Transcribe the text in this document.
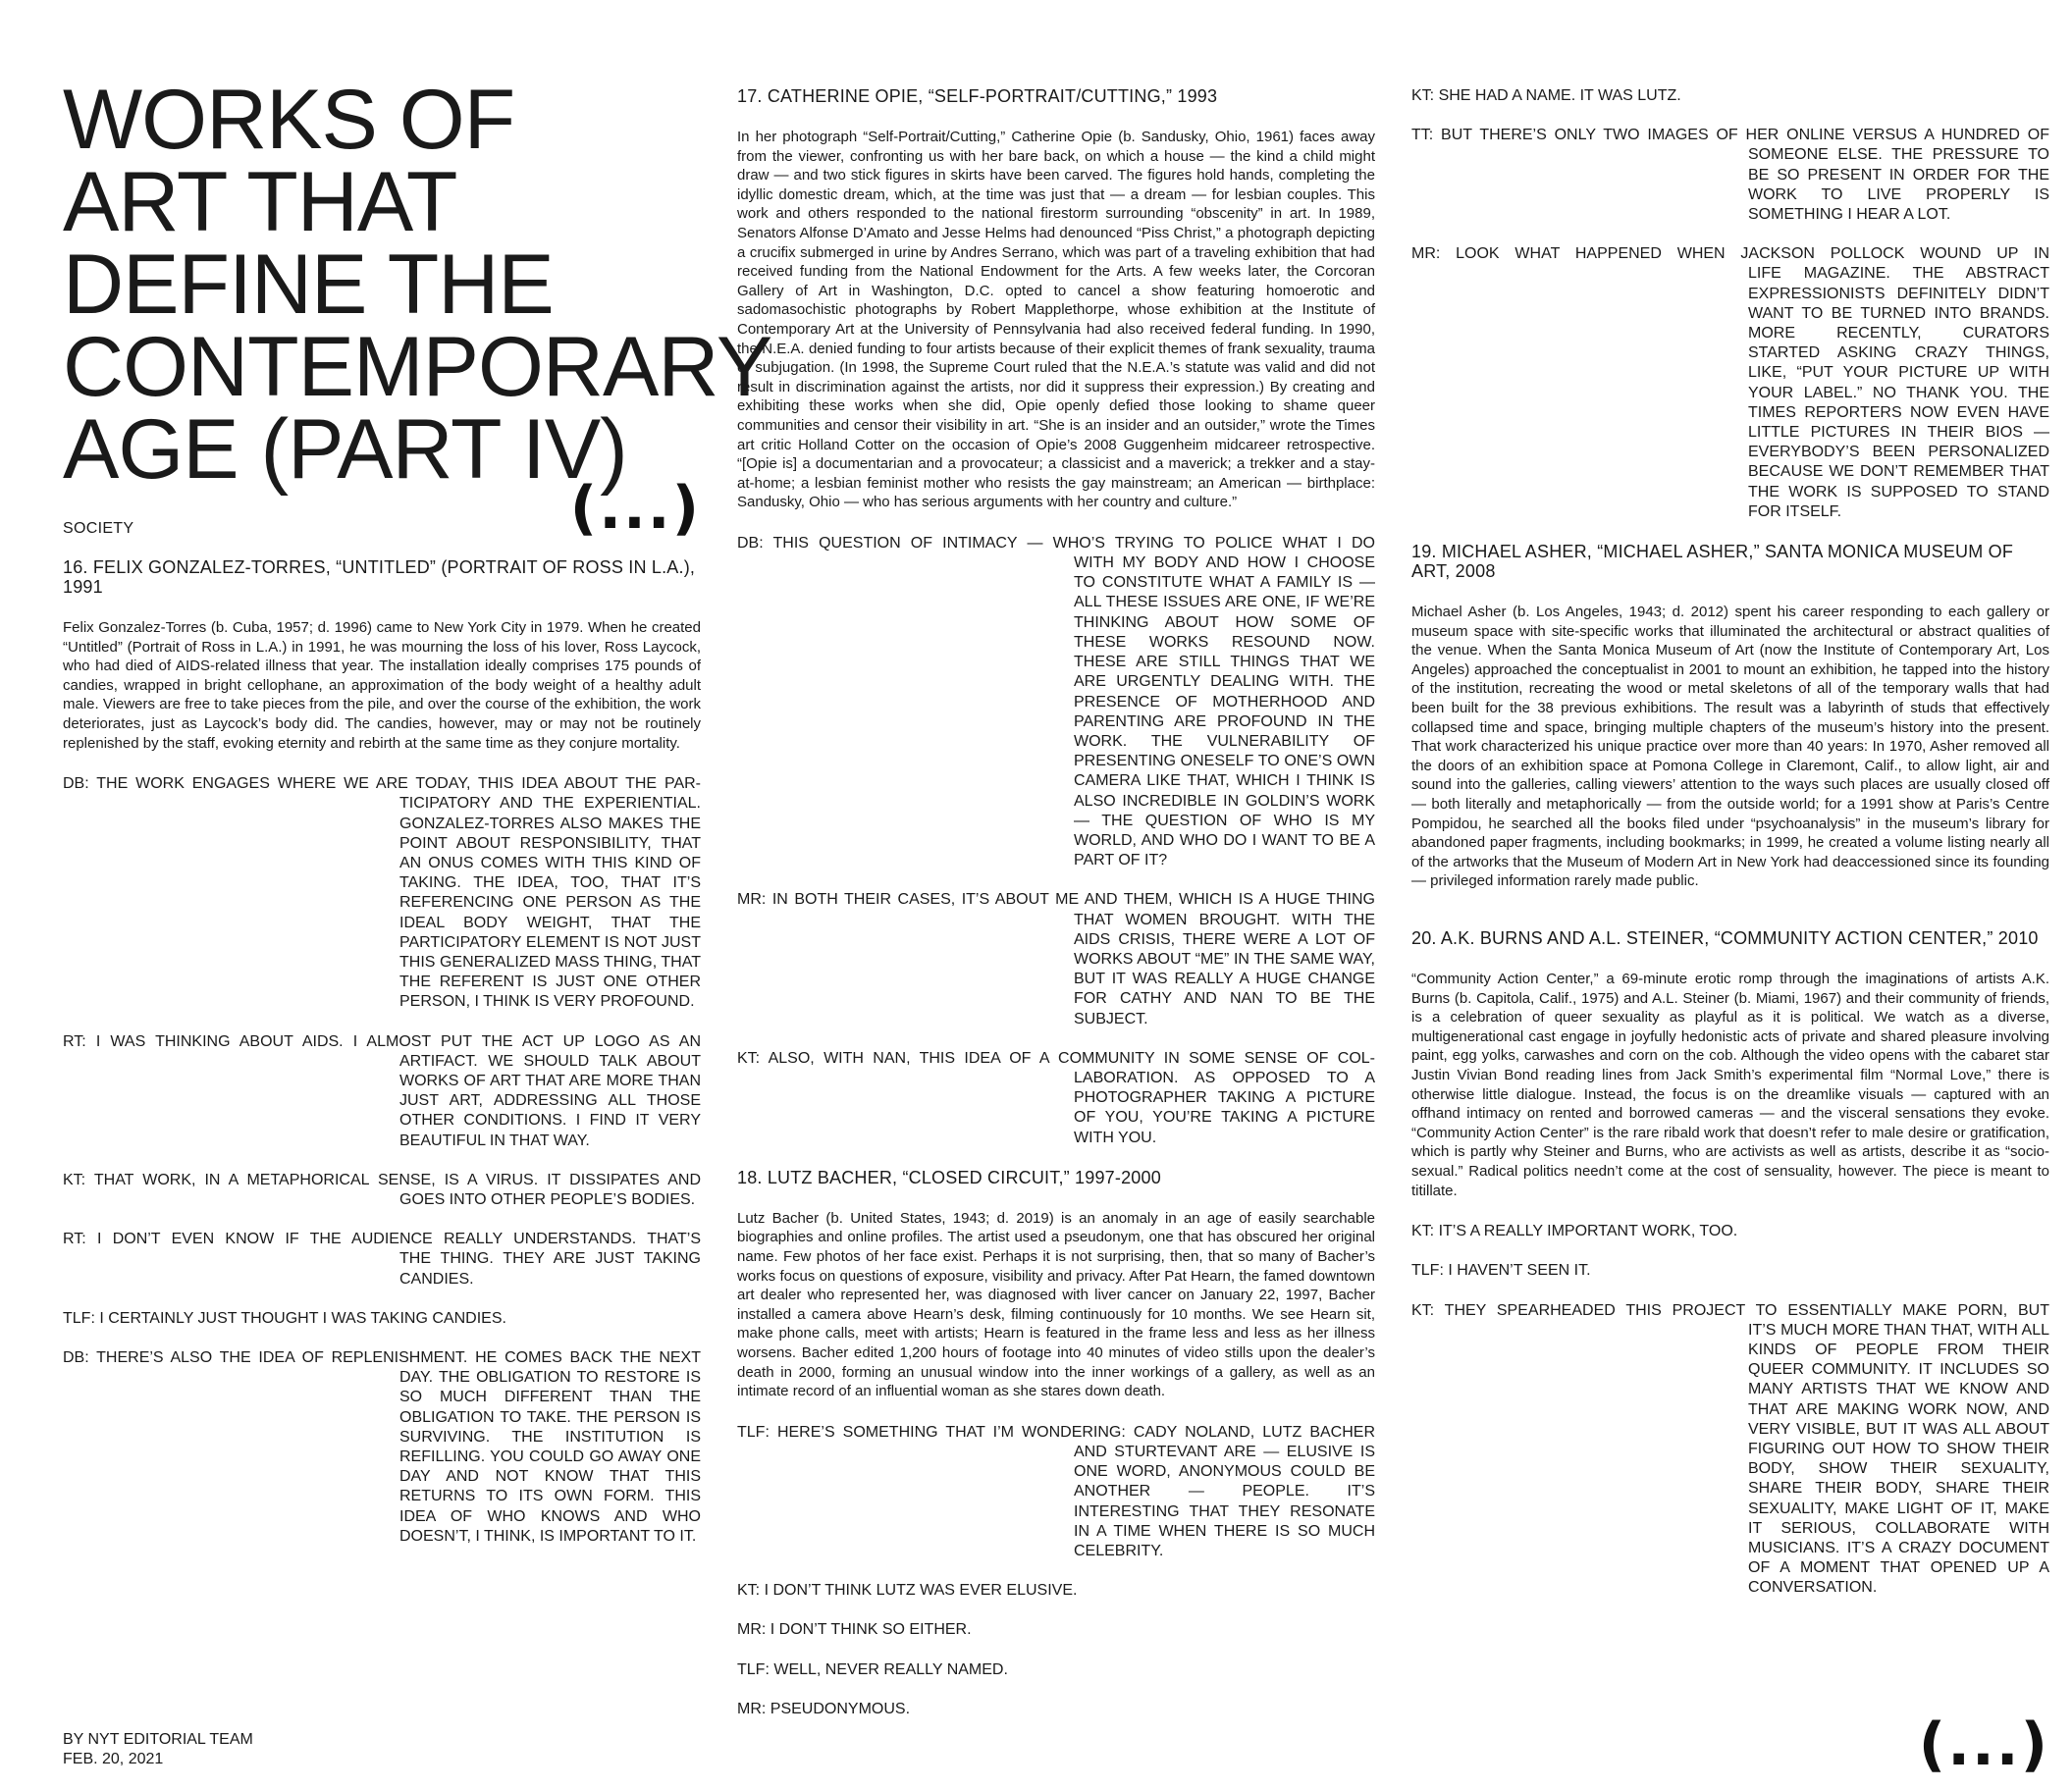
WORKS OF
ART THAT
DEFINE THE
CONTEMPORARY
AGE (PART IV)
(...)
SOCIETY
16. FELIX GONZALEZ-TORRES, “UNTITLED” (PORTRAIT OF ROSS IN L.A.), 1991

Felix Gonzalez-Torres (b. Cuba, 1957; d. 1996) came to New York City in 1979. When he created “Untitled” (Portrait of Ross in L.A.) in 1991, he was mourning the loss of his lover, Ross Laycock, who had died of AIDS-related illness that year. The installation ideally comprises 175 pounds of candies, wrapped in bright cellophane, an approximation of the body weight of a healthy adult male. Viewers are free to take pieces from the pile, and over the course of the exhibition, the work deteriorates, just as Laycock’s body did. The candies, however, may or may not be routinely replenished by the staff, evoking eternity and rebirth at the same time as they conjure mortality.

DB: THE WORK ENGAGES WHERE WE ARE TODAY, THIS IDEA ABOUT THE PAR-
TICIPATORY AND THE EXPERIENTIAL. GONZALEZ-TORRES ALSO MAKES THE POINT ABOUT RESPONSIBILITY, THAT AN ONUS COMES WITH THIS KIND OF TAKING. THE IDEA, TOO, THAT IT’S REFERENCING ONE PERSON AS THE IDEAL BODY WEIGHT, THAT THE PARTICIPATORY ELEMENT IS NOT JUST THIS GENERALIZED MASS THING, THAT THE REFERENT IS JUST ONE OTHER PERSON, I THINK IS VERY PROFOUND.
RT: I WAS THINKING ABOUT AIDS. I ALMOST PUT THE ACT UP LOGO AS AN
ARTIFACT. WE SHOULD TALK ABOUT WORKS OF ART THAT ARE MORE THAN JUST ART, ADDRESSING ALL THOSE OTHER CONDITIONS. I FIND IT VERY BEAUTIFUL IN THAT WAY.
KT: THAT WORK, IN A METAPHORICAL SENSE, IS A VIRUS. IT DISSIPATES AND
GOES INTO OTHER PEOPLE’S BODIES.
RT: I DON’T EVEN KNOW IF THE AUDIENCE REALLY UNDERSTANDS. THAT’S
THE THING. THEY ARE JUST TAKING CANDIES.
TLF: I CERTAINLY JUST THOUGHT I WAS TAKING CANDIES.
DB: THERE’S ALSO THE IDEA OF REPLENISHMENT. HE COMES BACK THE NEXT
DAY. THE OBLIGATION TO RESTORE IS SO MUCH DIFFERENT THAN THE OBLIGATION TO TAKE. THE PERSON IS SURVIVING. THE INSTITUTION IS REFILLING. YOU COULD GO AWAY ONE DAY AND NOT KNOW THAT THIS RETURNS TO ITS OWN FORM. THIS IDEA OF WHO KNOWS AND WHO DOESN’T, I THINK, IS IMPORTANT TO IT.
BY NYT EDITORIAL TEAM
FEB. 20, 2021
17. CATHERINE OPIE, “SELF-PORTRAIT/CUTTING,” 1993

In her photograph “Self-Portrait/Cutting,” Catherine Opie (b. Sandusky, Ohio, 1961) faces away from the viewer, confronting us with her bare back, on which a house — the kind a child might draw — and two stick figures in skirts have been carved. The figures hold hands, completing the idyllic domestic dream, which, at the time was just that — a dream — for lesbian couples. This work and others responded to the national firestorm surrounding “obscenity” in art. In 1989, Senators Alfonse D’Amato and Jesse Helms had denounced “Piss Christ,” a photograph depicting a crucifix submerged in urine by Andres Serrano, which was part of a traveling exhibition that had received funding from the National Endowment for the Arts. A few weeks later, the Corcoran Gallery of Art in Washington, D.C. opted to cancel a show featuring homoerotic and sadomasochistic photographs by Robert Mapplethorpe, whose exhibition at the Institute of Contemporary Art at the University of Pennsylvania had also received federal funding. In 1990, the N.E.A. denied funding to four artists because of their explicit themes of frank sexuality, trauma or subjugation. (In 1998, the Supreme Court ruled that the N.E.A.’s statute was valid and did not result in discrimination against the artists, nor did it suppress their expression.) By creating and exhibiting these works when she did, Opie openly defied those looking to shame queer communities and censor their visibility in art. “She is an insider and an outsider,” wrote the Times art critic Holland Cotter on the occasion of Opie’s 2008 Guggenheim midcareer retrospective. “[Opie is] a documentarian and a provocateur; a classicist and a maverick; a trekker and a stay-at-home; a lesbian feminist mother who resists the gay mainstream; an American — birthplace: Sandusky, Ohio — who has serious arguments with her country and culture.”

DB: THIS QUESTION OF INTIMACY — WHO’S TRYING TO POLICE WHAT I DO
WITH MY BODY AND HOW I CHOOSE TO CONSTITUTE WHAT A FAMILY IS — ALL THESE ISSUES ARE ONE, IF WE’RE THINKING ABOUT HOW SOME OF THESE WORKS RESOUND NOW. THESE ARE STILL THINGS THAT WE ARE URGENTLY DEALING WITH. THE PRESENCE OF MOTHERHOOD AND PARENTING ARE PROFOUND IN THE WORK. THE VULNERABILITY OF PRESENTING ONESELF TO ONE’S OWN CAMERA LIKE THAT, WHICH I THINK IS ALSO INCREDIBLE IN GOLDIN’S WORK — THE QUESTION OF WHO IS MY WORLD, AND WHO DO I WANT TO BE A PART OF IT?
MR: IN BOTH THEIR CASES, IT’S ABOUT ME AND THEM, WHICH IS A HUGE THING
THAT WOMEN BROUGHT. WITH THE AIDS CRISIS, THERE WERE A LOT OF WORKS ABOUT “ME” IN THE SAME WAY, BUT IT WAS REALLY A HUGE CHANGE FOR CATHY AND NAN TO BE THE SUBJECT.
KT: ALSO, WITH NAN, THIS IDEA OF A COMMUNITY IN SOME SENSE OF COL-
LABORATION. AS OPPOSED TO A PHOTOGRAPHER TAKING A PICTURE OF YOU, YOU’RE TAKING A PICTURE WITH YOU.
18. LUTZ BACHER, “CLOSED CIRCUIT,” 1997-2000

Lutz Bacher (b. United States, 1943; d. 2019) is an anomaly in an age of easily searchable biographies and online profiles. The artist used a pseudonym, one that has obscured her original name. Few photos of her face exist. Perhaps it is not surprising, then, that so many of Bacher’s works focus on questions of exposure, visibility and privacy. After Pat Hearn, the famed downtown art dealer who represented her, was diagnosed with liver cancer on January 22, 1997, Bacher installed a camera above Hearn’s desk, filming continuously for 10 months. We see Hearn sit, make phone calls, meet with artists; Hearn is featured in the frame less and less as her illness worsens. Bacher edited 1,200 hours of footage into 40 minutes of video stills upon the dealer’s death in 2000, forming an unusual window into the inner workings of a gallery, as well as an intimate record of an influential woman as she stares down death.

TLF: HERE’S SOMETHING THAT I’M WONDERING: CADY NOLAND, LUTZ BACHER
AND STURTEVANT ARE — ELUSIVE IS ONE WORD, ANONYMOUS COULD BE ANOTHER — PEOPLE. IT’S INTERESTING THAT THEY RESONATE IN A TIME WHEN THERE IS SO MUCH CELEBRITY.
KT: I DON’T THINK LUTZ WAS EVER ELUSIVE.
MR: I DON’T THINK SO EITHER.
TLF: WELL, NEVER REALLY NAMED.
MR: PSEUDONYMOUS.
KT: SHE HAD A NAME. IT WAS LUTZ.
TT: BUT THERE’S ONLY TWO IMAGES OF HER ONLINE VERSUS A HUNDRED OF
SOMEONE ELSE. THE PRESSURE TO BE SO PRESENT IN ORDER FOR THE WORK TO LIVE PROPERLY IS SOMETHING I HEAR A LOT.
MR: LOOK WHAT HAPPENED WHEN JACKSON POLLOCK WOUND UP IN
LIFE MAGAZINE. THE ABSTRACT EXPRESSIONISTS DEFINITELY DIDN’T WANT TO BE TURNED INTO BRANDS. MORE RECENTLY, CURATORS STARTED ASKING CRAZY THINGS, LIKE, “PUT YOUR PICTURE UP WITH YOUR LABEL.” NO THANK YOU. THE TIMES REPORTERS NOW EVEN HAVE LITTLE PICTURES IN THEIR BIOS — EVERYBODY’S BEEN PERSONALIZED BECAUSE WE DON’T REMEMBER THAT THE WORK IS SUPPOSED TO STAND FOR ITSELF.
19. MICHAEL ASHER, “MICHAEL ASHER,” SANTA MONICA MUSEUM OF ART, 2008

Michael Asher (b. Los Angeles, 1943; d. 2012) spent his career responding to each gallery or museum space with site-specific works that illuminated the architectural or abstract qualities of the venue. When the Santa Monica Museum of Art (now the Institute of Contemporary Art, Los Angeles) approached the conceptualist in 2001 to mount an exhibition, he tapped into the history of the institution, recreating the wood or metal skeletons of all of the temporary walls that had been built for the 38 previous exhibitions. The result was a labyrinth of studs that effectively collapsed time and space, bringing multiple chapters of the museum’s history into the present. That work characterized his unique practice over more than 40 years: In 1970, Asher removed all the doors of an exhibition space at Pomona College in Claremont, Calif., to allow light, air and sound into the galleries, calling viewers’ attention to the ways such places are usually closed off — both literally and metaphorically — from the outside world; for a 1991 show at Paris’s Centre Pompidou, he searched all the books filed under “psychoanalysis” in the museum’s library for abandoned paper fragments, including bookmarks; in 1999, he created a volume listing nearly all of the artworks that the Museum of Modern Art in New York had deaccessioned since its founding — privileged information rarely made public.

20. A.K. BURNS AND A.L. STEINER, “COMMUNITY ACTION CENTER,” 2010

“Community Action Center,” a 69-minute erotic romp through the imaginations of artists A.K. Burns (b. Capitola, Calif., 1975) and A.L. Steiner (b. Miami, 1967) and their community of friends, is a celebration of queer sexuality as playful as it is political. We watch as a diverse, multigenerational cast engage in joyfully hedonistic acts of private and shared pleasure involving paint, egg yolks, carwashes and corn on the cob. Although the video opens with the cabaret star Justin Vivian Bond reading lines from Jack Smith’s experimental film “Normal Love,” there is otherwise little dialogue. Instead, the focus is on the dreamlike visuals — captured with an offhand intimacy on rented and borrowed cameras — and the visceral sensations they evoke. “Community Action Center” is the rare ribald work that doesn’t refer to male desire or gratification, which is partly why Steiner and Burns, who are activists as well as artists, describe it as “socio-sexual.” Radical politics needn’t come at the cost of sensuality, however. The piece is meant to titillate.

KT: IT’S A REALLY IMPORTANT WORK, TOO.
TLF: I HAVEN’T SEEN IT.
KT: THEY SPEARHEADED THIS PROJECT TO ESSENTIALLY MAKE PORN, BUT
IT’S MUCH MORE THAN THAT, WITH ALL KINDS OF PEOPLE FROM THEIR QUEER COMMUNITY. IT INCLUDES SO MANY ARTISTS THAT WE KNOW AND THAT ARE MAKING WORK NOW, AND VERY VISIBLE, BUT IT WAS ALL ABOUT FIGURING OUT HOW TO SHOW THEIR BODY, SHOW THEIR SEXUALITY, SHARE THEIR BODY, SHARE THEIR SEXUALITY, MAKE LIGHT OF IT, MAKE IT SERIOUS, COLLABORATE WITH MUSICIANS. IT’S A CRAZY DOCUMENT OF A MOMENT THAT OPENED UP A CONVERSATION.
(...)
